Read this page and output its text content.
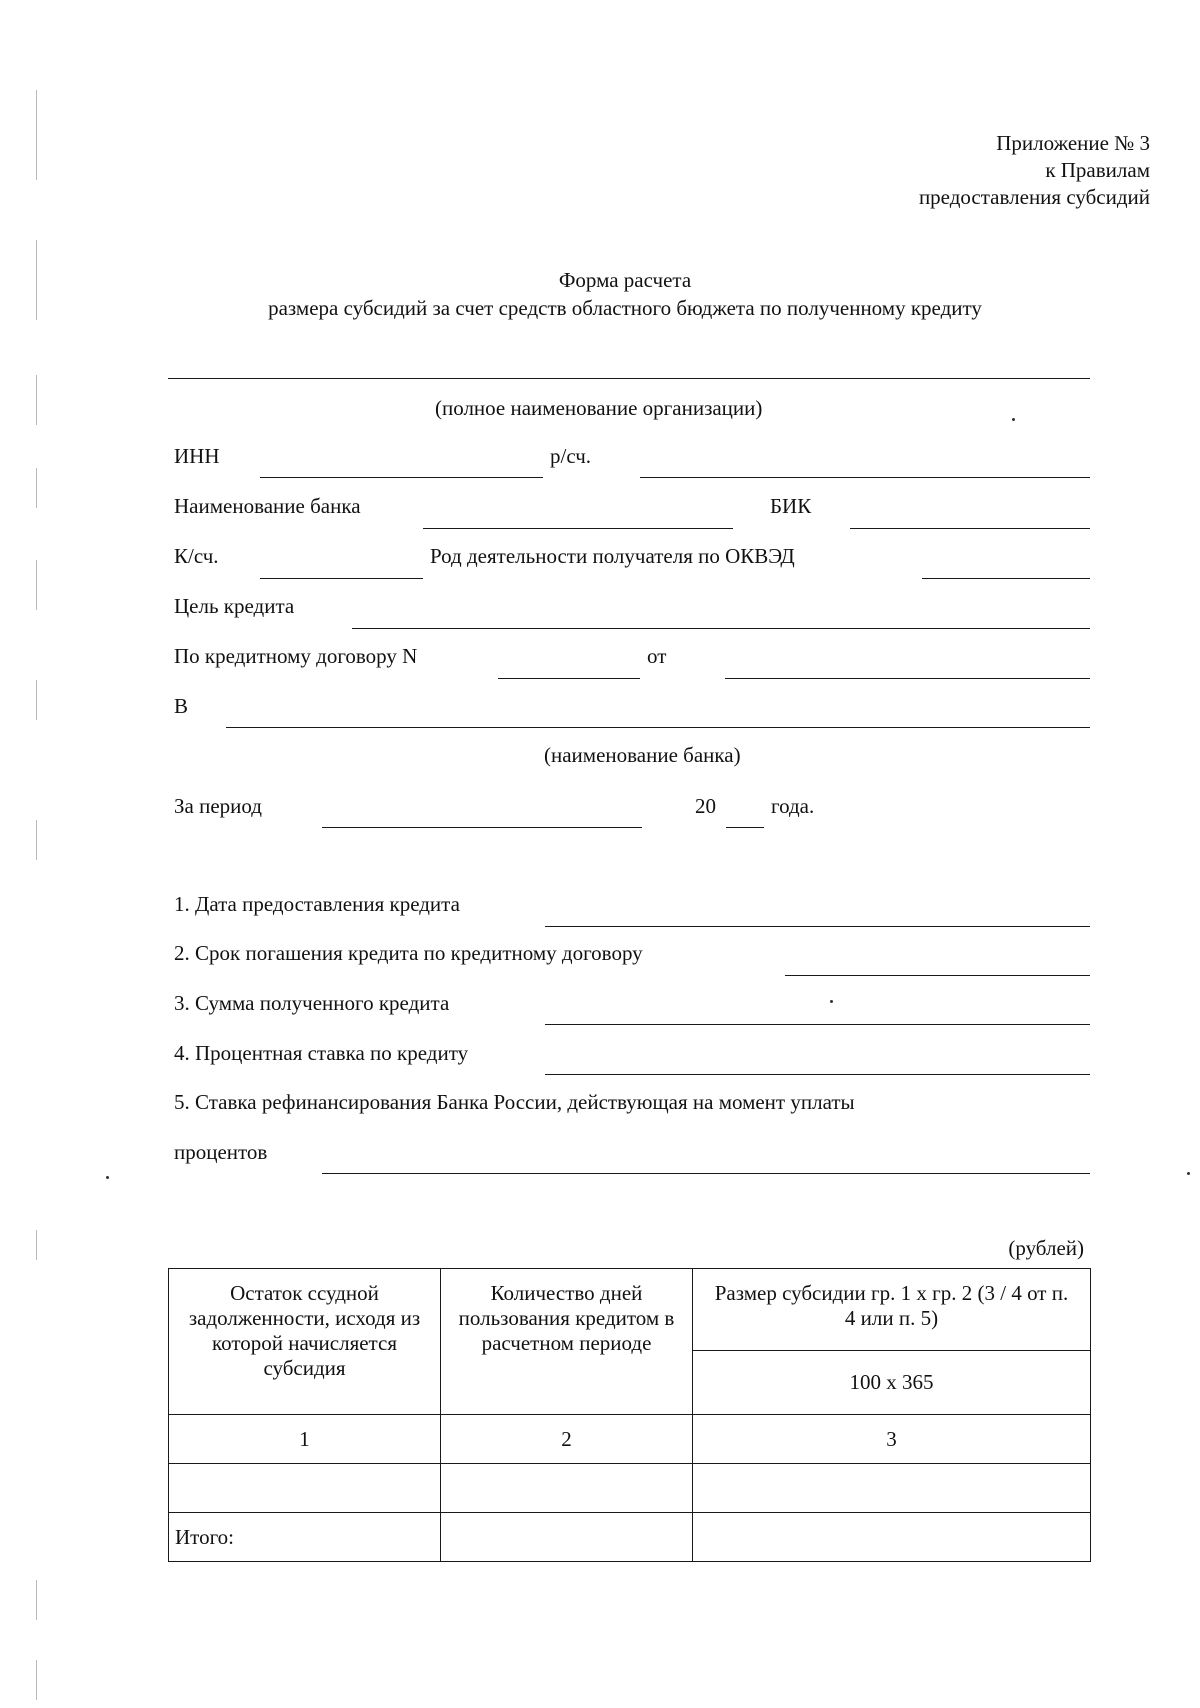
Приложение № 3
к Правилам
предоставления субсидий
Форма расчета
размера субсидий за счет средств областного бюджета по полученному кредиту
(полное наименование организации)
ИНН	р/сч.
Наименование банка	БИК
К/сч.	Род деятельности получателя по ОКВЭД
Цель кредита
По кредитному договору N	от
В
(наименование банка)
За период	20	года.
1. Дата предоставления кредита
2. Срок погашения кредита по кредитному договору
3. Сумма полученного кредита
4. Процентная ставка по кредиту
5. Ставка рефинансирования Банка России, действующая на момент уплаты
процентов
(рублей)
Остаток ссудной задолженности, исходя из которой начисляется субсидия	Количество дней пользования кредитом в расчетном периоде	Размер субсидии гр. 1 х гр. 2 (3 / 4 от п. 4 или п. 5)
		100 х 365
1	2	3

Итого:		
